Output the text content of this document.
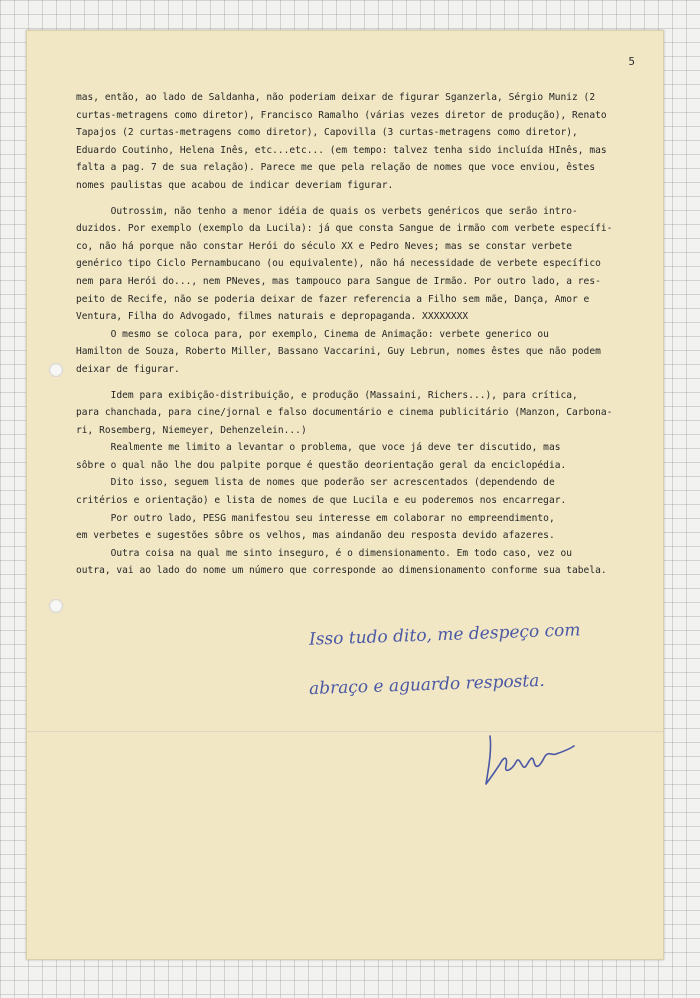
5

mas, então, ao lado de Saldanha, não poderiam deixar de figurar Sganzerla, Sérgio Muniz (2

curtas-metragens como diretor), Francisco Ramalho (várias vezes diretor de produção), Renato

Tapajos (2 curtas-metragens como diretor), Capovilla (3 curtas-metragens como diretor),

Eduardo Coutinho, Helena Inês, etc...etc... (em tempo: talvez tenha sido incluída HInês, mas

falta a pag. 7 de sua relação). Parece me que pela relação de nomes que voce enviou, êstes

nomes paulistas que acabou de indicar deveriam figurar.

Outrossim, não tenho a menor idéia de quais os verbets genéricos que serão intro-

duzidos. Por exemplo (exemplo da Lucila): já que consta Sangue de irmão com verbete específi-

co, não há porque não constar Herói do século XX e Pedro Neves; mas se constar verbete

genérico tipo Ciclo Pernambucano (ou equivalente), não há necessidade de verbete específico

nem para Herói do..., nem PNeves, mas tampouco para Sangue de Irmão. Por outro lado, a res-

peito de Recife, não se poderia deixar de fazer referencia a Filho sem mãe, Dança, Amor e

Ventura, Filha do Advogado, filmes naturais e depropaganda. XXXXXXXX

O mesmo se coloca para, por exemplo, Cinema de Animação: verbete generico ou

Hamilton de Souza, Roberto Miller, Bassano Vaccarini, Guy Lebrun, nomes êstes que não podem

deixar de figurar.

Idem para exibição-distribuição, e produção (Massaini, Richers...), para crítica,

para chanchada, para cine/jornal e falso documentário e cinema publicitário (Manzon, Carbona-

ri, Rosemberg, Niemeyer, Dehenzelein...)

Realmente me limito a levantar o problema, que voce já deve ter discutido, mas

sôbre o qual não lhe dou palpite porque é questão deorientação geral da enciclopédia.

Dito isso, seguem lista de nomes que poderão ser acrescentados (dependendo de

critérios e orientação) e lista de nomes de que Lucila e eu poderemos nos encarregar.

Por outro lado, PESG manifestou seu interesse em colaborar no empreendimento,

em verbetes e sugestões sôbre os velhos, mas aindanão deu resposta devido afazeres.

Outra coisa na qual me sinto inseguro, é o dimensionamento. Em todo caso, vez ou

outra, vai ao lado do nome um número que corresponde ao dimensionamento conforme sua tabela.

Isso tudo dito, me despeço com
abraço e aguardo resposta.
